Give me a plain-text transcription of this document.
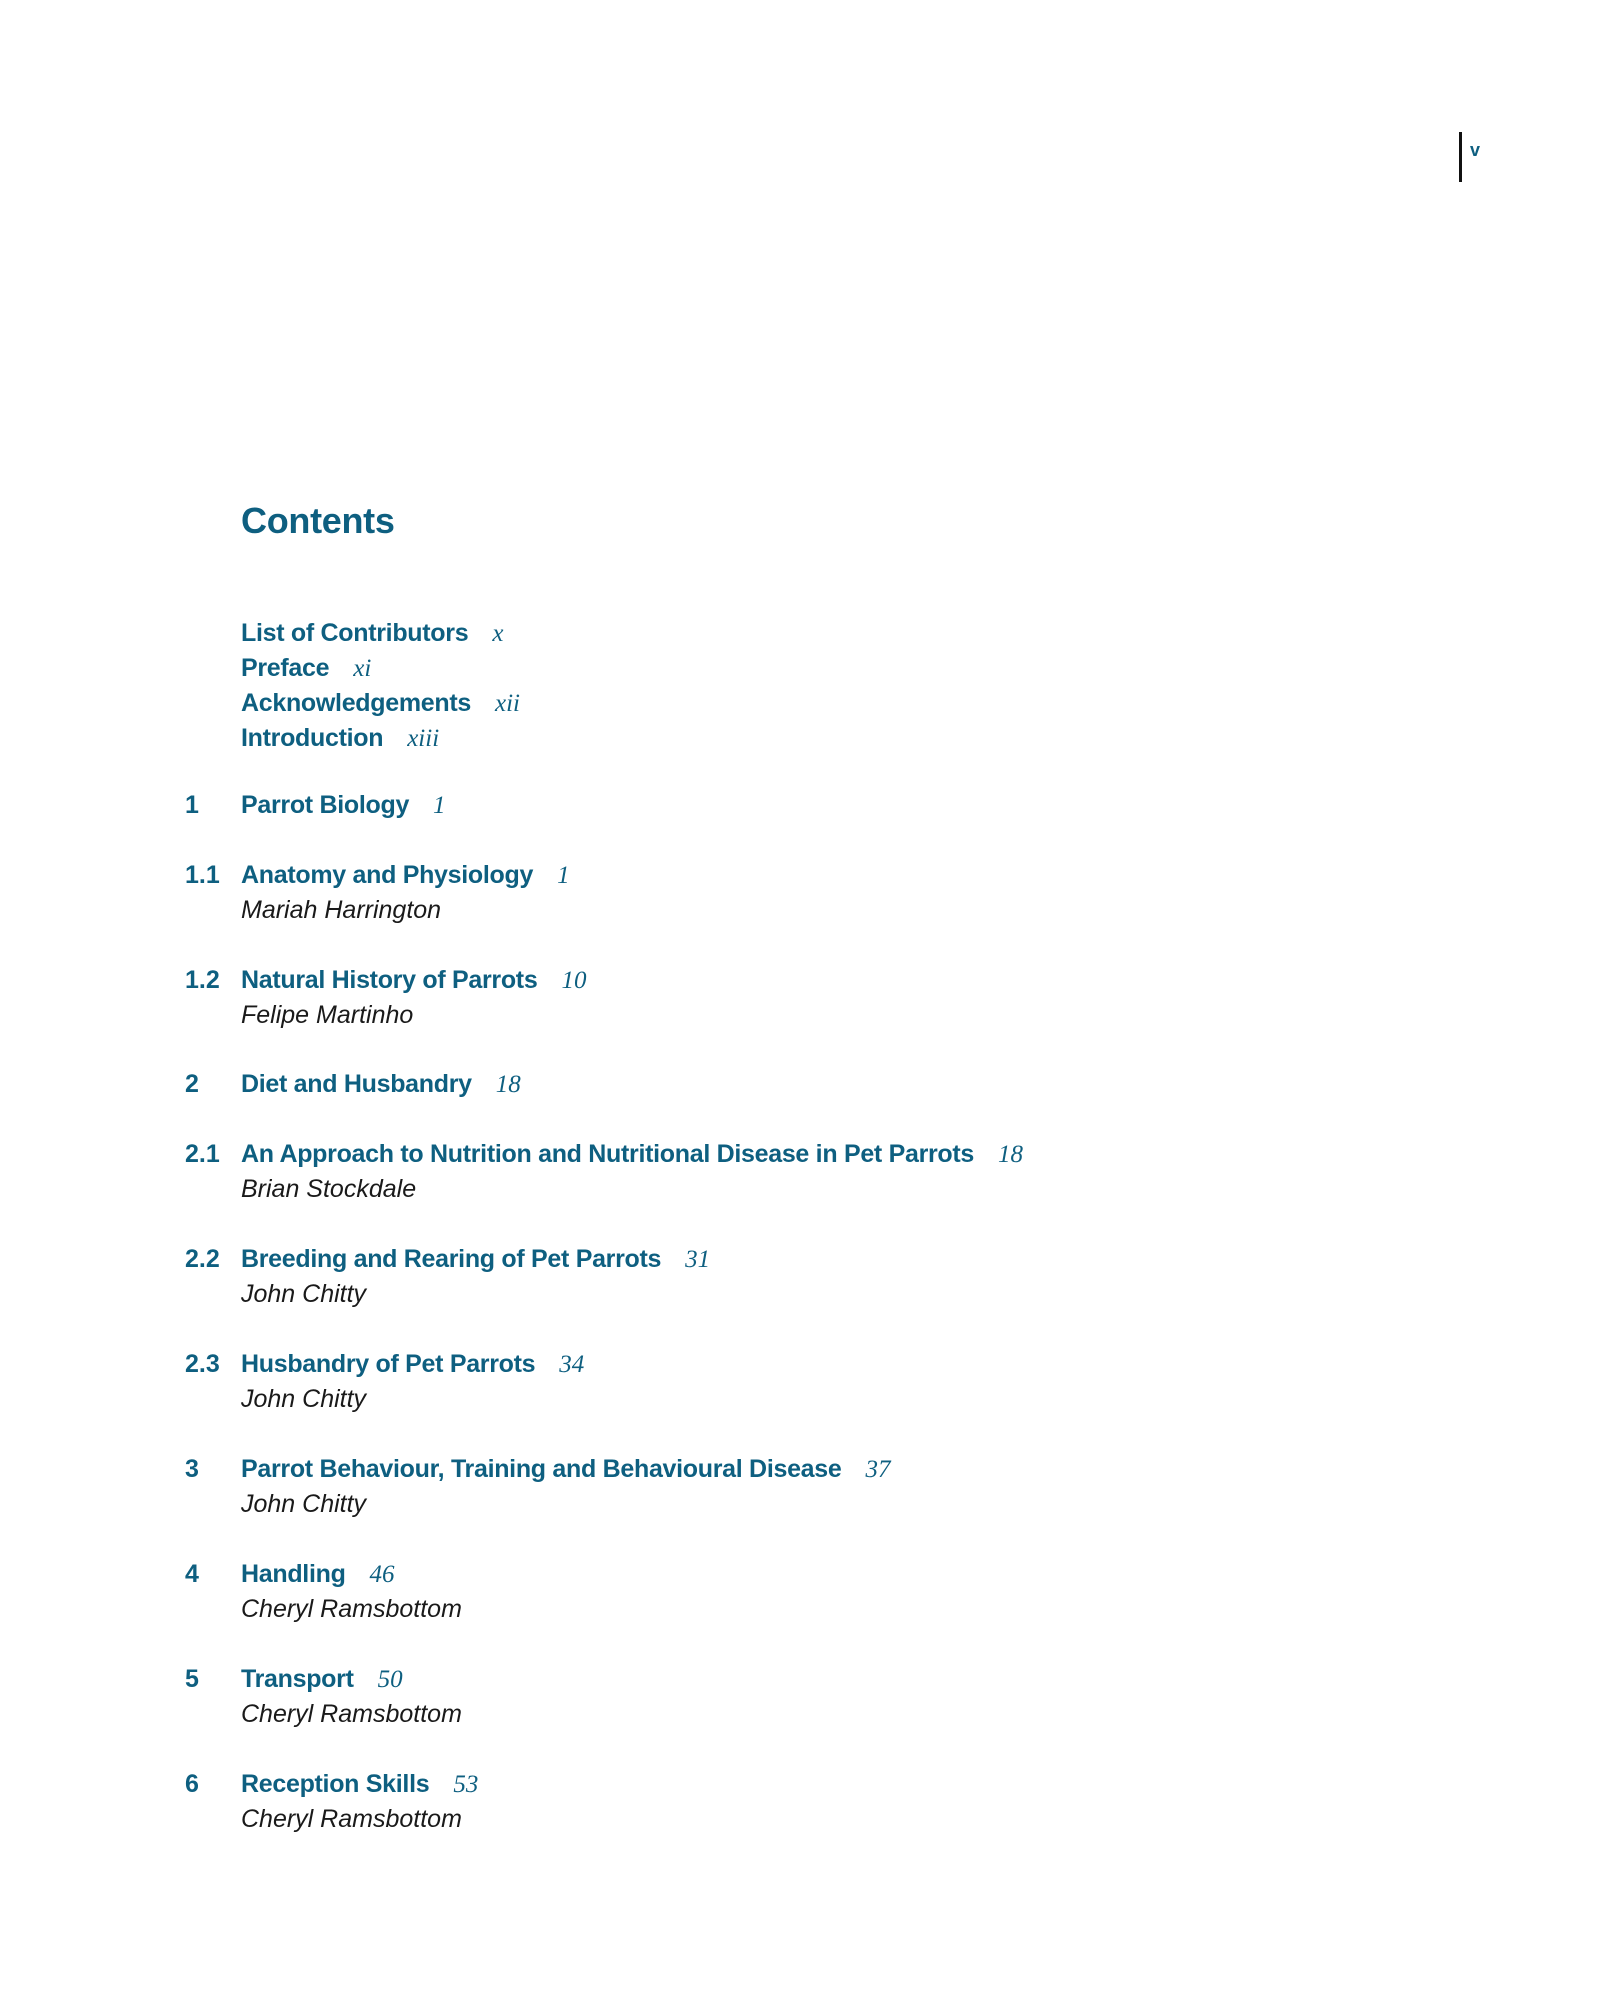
v
Contents
List of Contributors x
Preface xi
Acknowledgements xii
Introduction xiii
1 Parrot Biology 1
1.1 Anatomy and Physiology 1
Mariah Harrington
1.2 Natural History of Parrots 10
Felipe Martinho
2 Diet and Husbandry 18
2.1 An Approach to Nutrition and Nutritional Disease in Pet Parrots 18
Brian Stockdale
2.2 Breeding and Rearing of Pet Parrots 31
John Chitty
2.3 Husbandry of Pet Parrots 34
John Chitty
3 Parrot Behaviour, Training and Behavioural Disease 37
John Chitty
4 Handling 46
Cheryl Ramsbottom
5 Transport 50
Cheryl Ramsbottom
6 Reception Skills 53
Cheryl Ramsbottom
